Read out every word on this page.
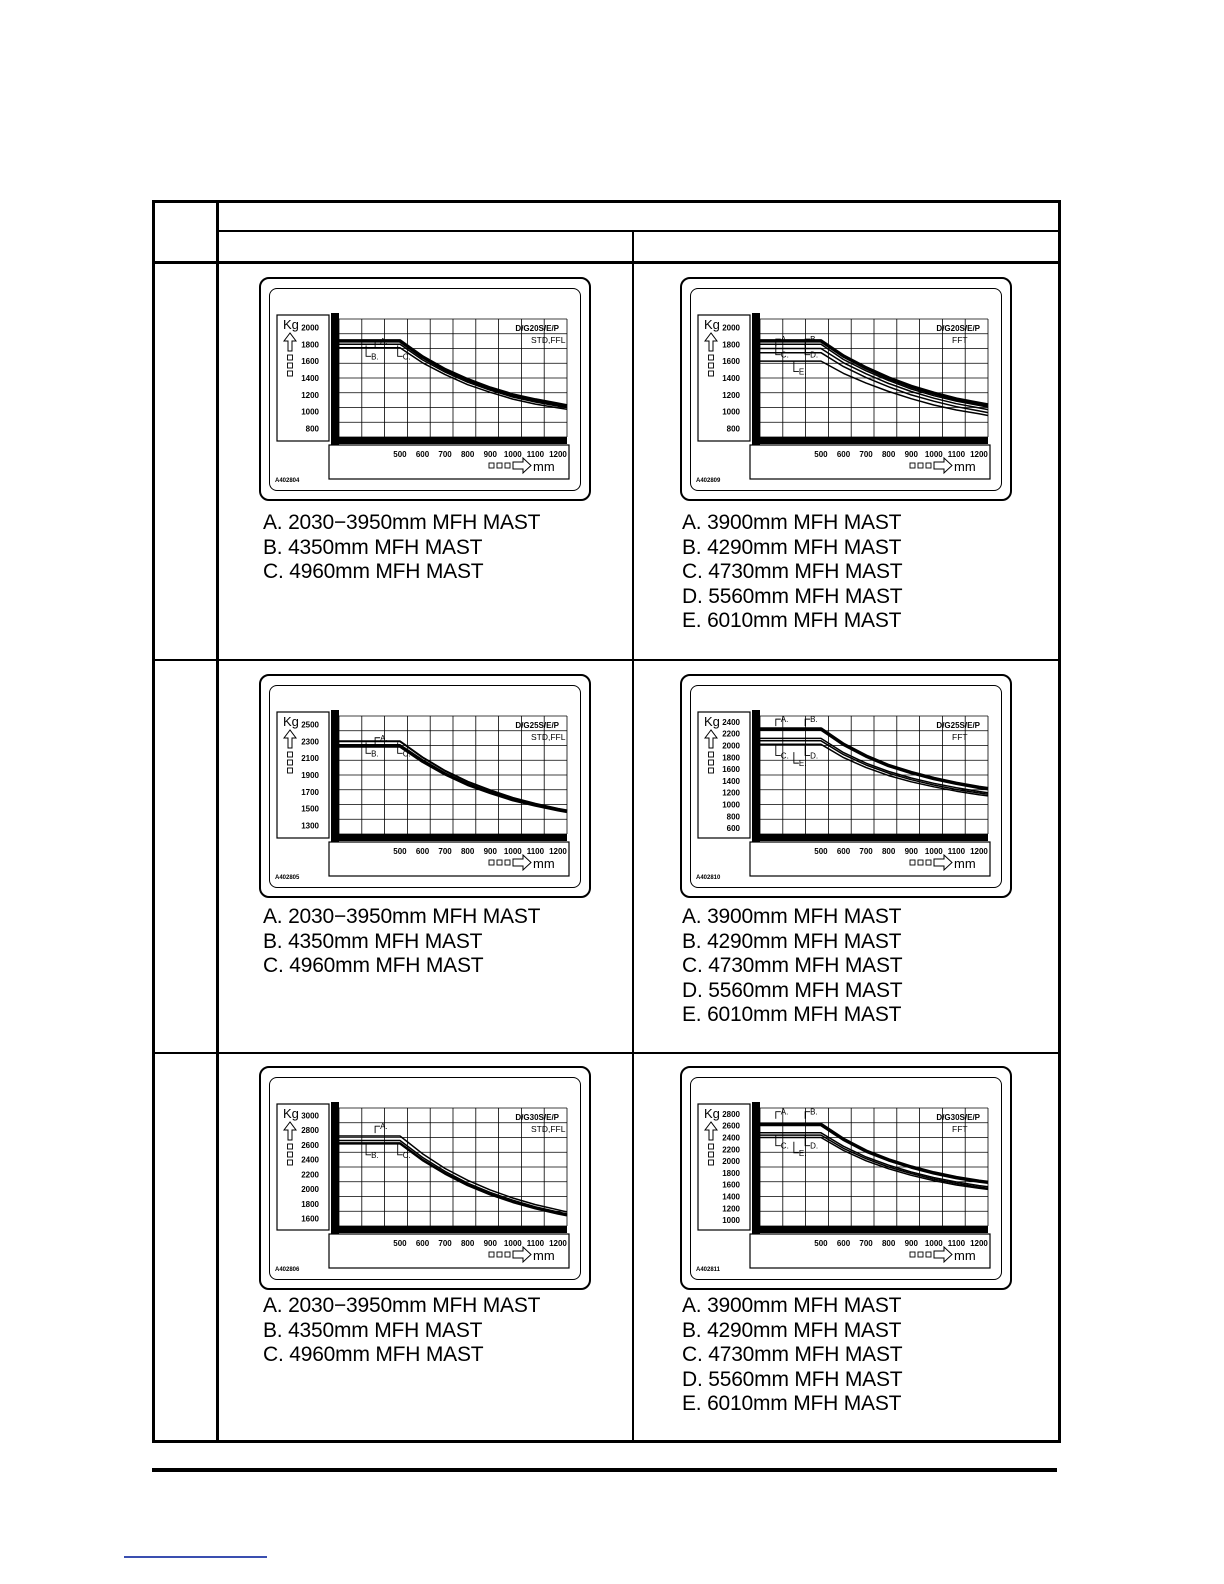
2000
1800
1600
1400
1200
1000
800
500 600 700 800 900 1000 1100 1200
Kg
mm
D/G20S/E/P
STD,FFL
A402804
A.
B.	C.
A. 2030−3950mm MFH MAST
B. 4350mm MFH MAST
C. 4960mm MFH MAST
2000
1800
1600
1400
1200
1000
800
500 600 700 800 900 1000 1100 1200
Kg
mm
D/G20S/E/P
FFT
A402809
A.	B.
C.	D.
E.
A. 3900mm MFH MAST
B. 4290mm MFH MAST
C. 4730mm MFH MAST
D. 5560mm MFH MAST
E. 6010mm MFH MAST
2500
2300
2100
1900
1700
1500
1300
500 600 700 800 900 1000 1100 1200
Kg
mm
D/G25S/E/P
STD,FFL
A402805
A.
B.	C.
A. 2030−3950mm MFH MAST
B. 4350mm MFH MAST
C. 4960mm MFH MAST
2400
2200
2000
1800
1600
1400
1200
1000
800
600
500 600 700 800 900 1000 1100 1200
Kg
mm
D/G25S/E/P
FFT
A402810
A.	B.
C.	D.
E.
A. 3900mm MFH MAST
B. 4290mm MFH MAST
C. 4730mm MFH MAST
D. 5560mm MFH MAST
E. 6010mm MFH MAST
3000
2800
2600
2400
2200
2000
1800
1600
500 600 700 800 900 1000 1100 1200
Kg
mm
D/G30S/E/P
STD,FFL
A402806
A.
B.	C.
A. 2030−3950mm MFH MAST
B. 4350mm MFH MAST
C. 4960mm MFH MAST
2800
2600
2400
2200
2000
1800
1600
1400
1200
1000
500 600 700 800 900 1000 1100 1200
Kg
mm
D/G30S/E/P
FFT
A402811
A.	B.
C.	D.
E.
A. 3900mm MFH MAST
B. 4290mm MFH MAST
C. 4730mm MFH MAST
D. 5560mm MFH MAST
E. 6010mm MFH MAST
